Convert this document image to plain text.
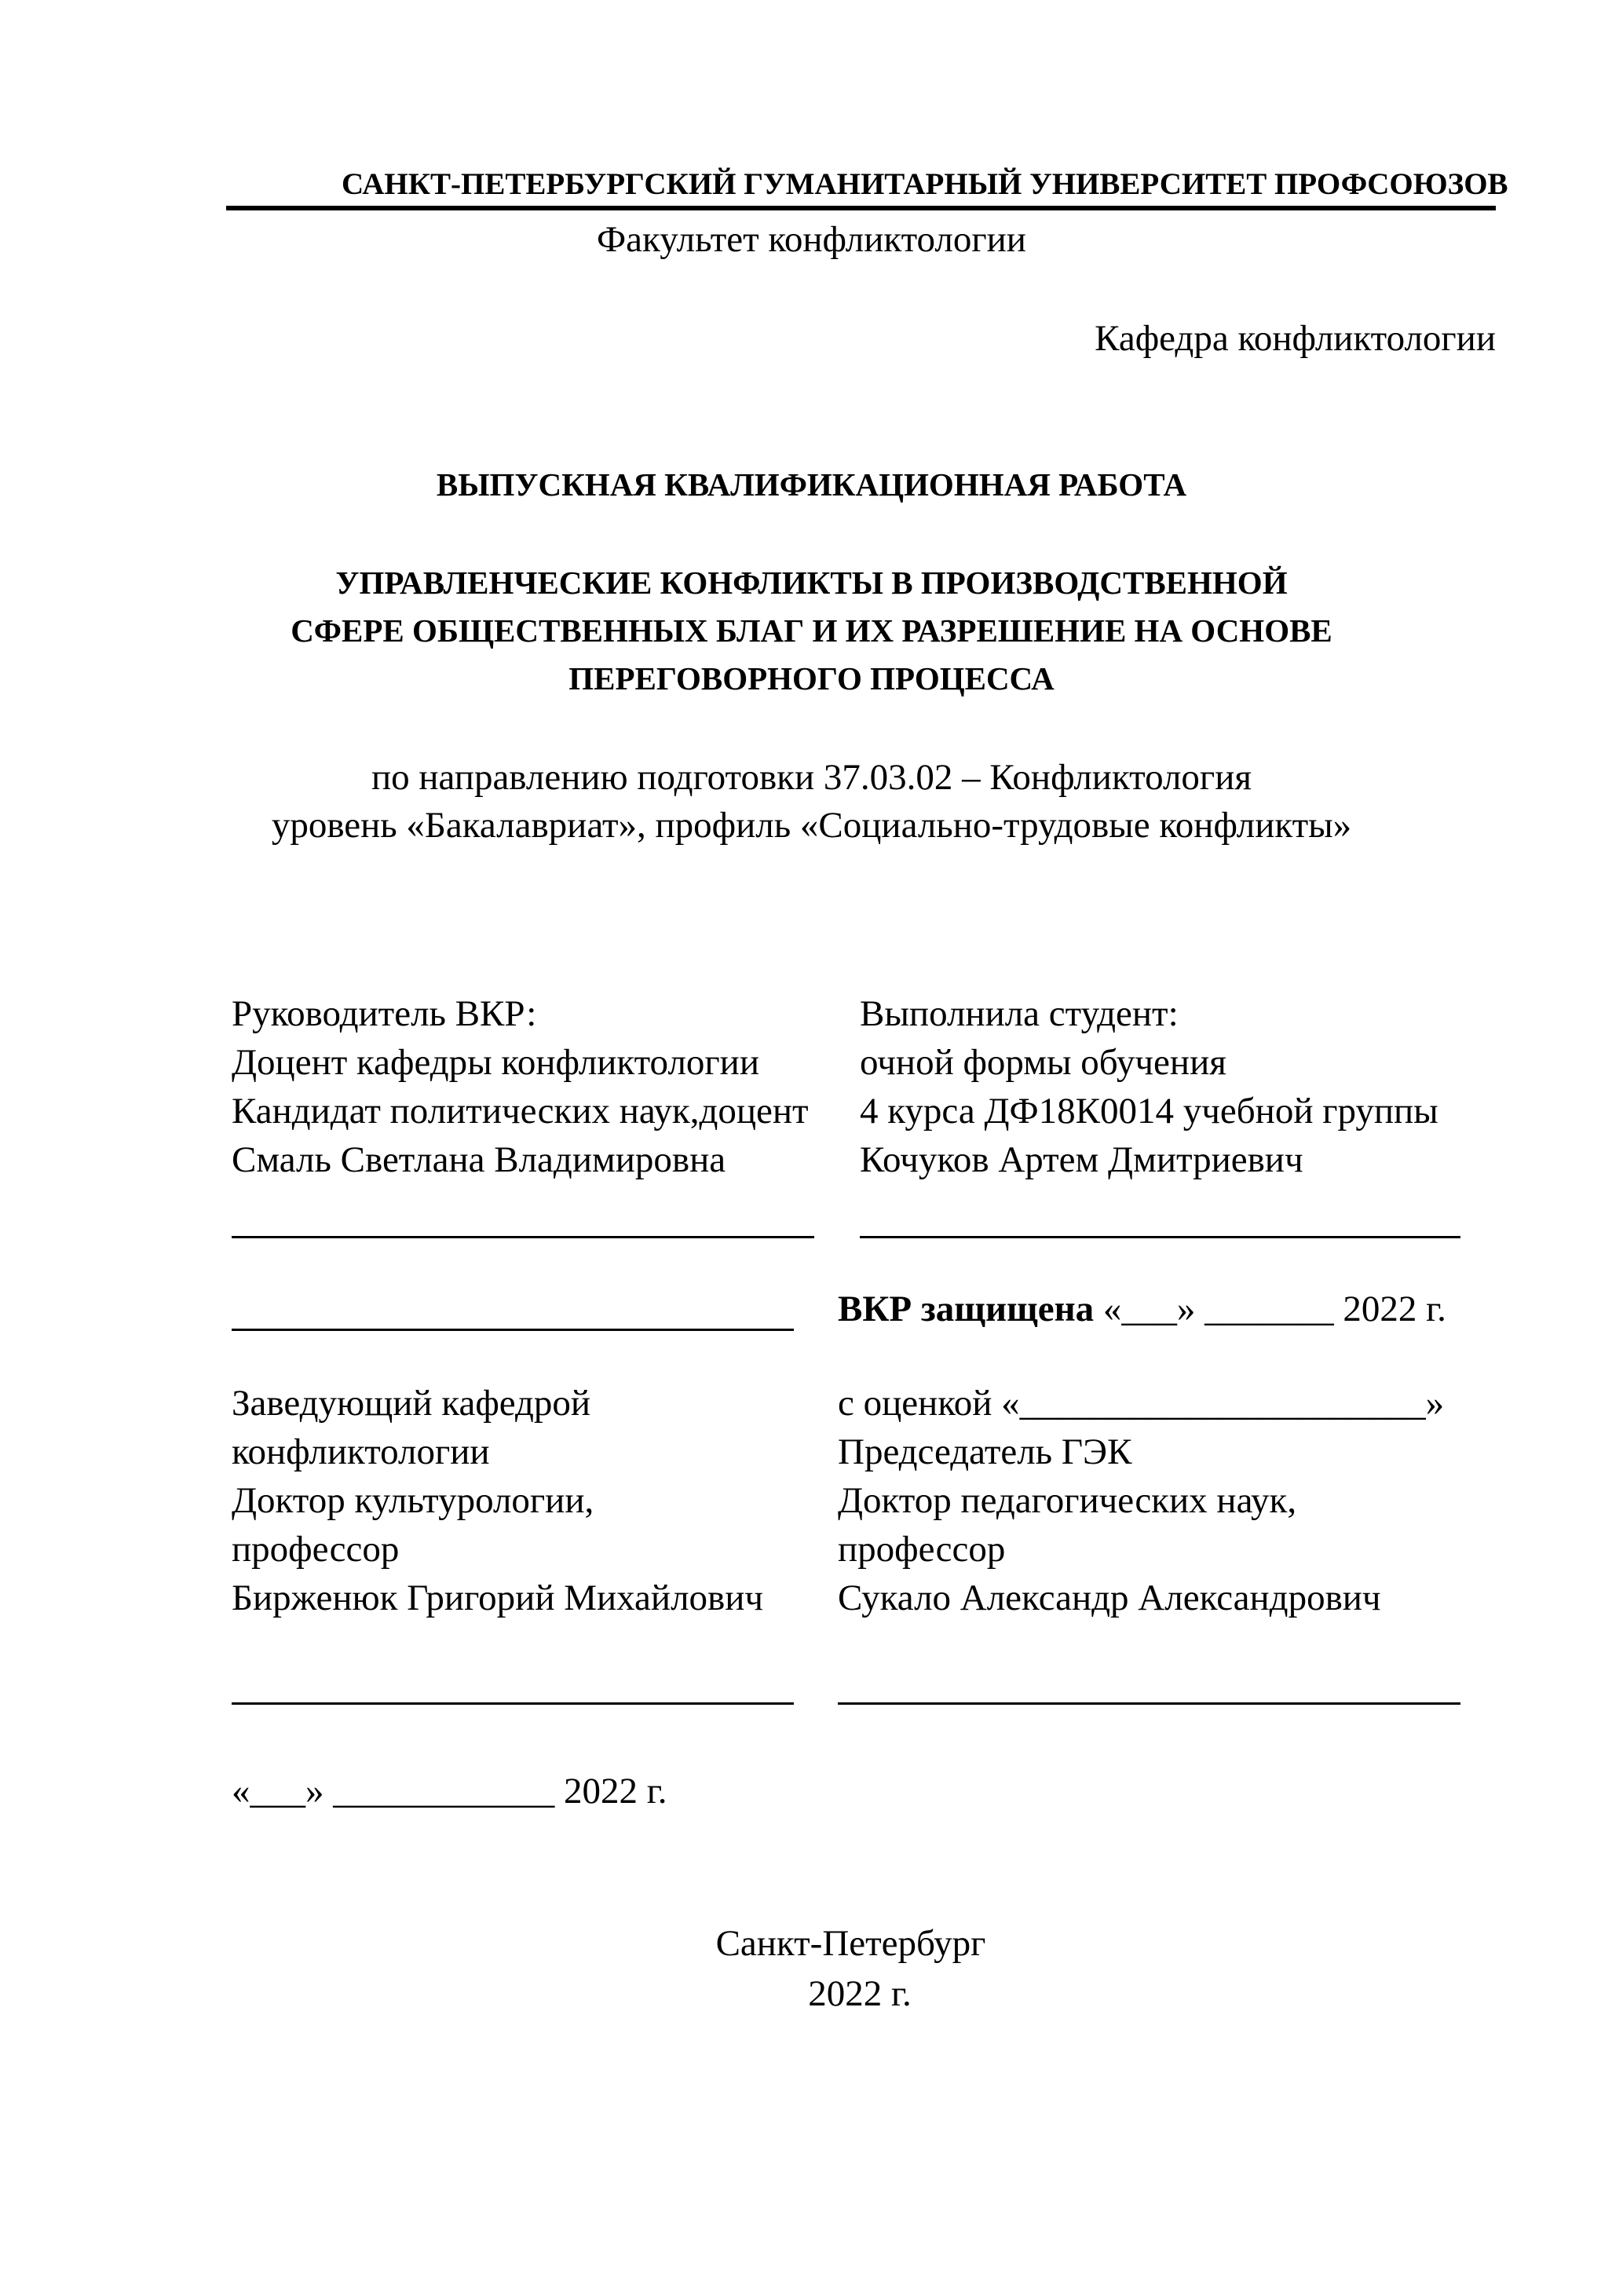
САНКТ-ПЕТЕРБУРГСКИЙ ГУМАНИТАРНЫЙ УНИВЕРСИТЕТ ПРОФСОЮЗОВ
Факультет конфликтологии
Кафедра конфликтологии
ВЫПУСКНАЯ КВАЛИФИКАЦИОННАЯ РАБОТА
УПРАВЛЕНЧЕСКИЕ КОНФЛИКТЫ В ПРОИЗВОДСТВЕННОЙ
СФЕРЕ ОБЩЕСТВЕННЫХ БЛАГ И ИХ РАЗРЕШЕНИЕ НА ОСНОВЕ
ПЕРЕГОВОРНОГО ПРОЦЕССА
по направлению подготовки 37.03.02 – Конфликтология
уровень «Бакалавриат», профиль «Социально-трудовые конфликты»
Руководитель ВКР:
Доцент кафедры конфликтологии
Кандидат политических наук,доцент
Смаль Светлана Владимировна
Выполнила студент:
очной формы обучения
4 курса ДФ18К0014 учебной группы
Кочуков Артем Дмитриевич
ВКР защищена «___» _______ 2022 г.
Заведующий кафедрой
конфликтологии
Доктор культурологии,
профессор
Бирженюк Григорий Михайлович
с оценкой «______________________»
Председатель ГЭК
Доктор педагогических наук,
профессор
Сукало Александр Александрович
«___» ____________ 2022 г.
Санкт-Петербург
2022 г.
